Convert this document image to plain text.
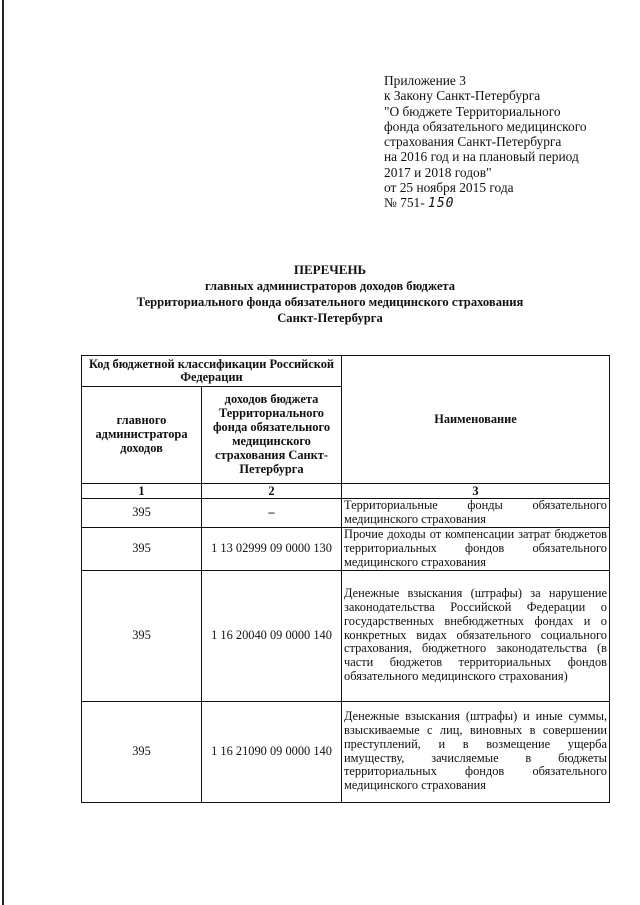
Приложение 3
к Закону Санкт-Петербурга
"О бюджете Территориального
фонда обязательного медицинского
страхования Санкт-Петербурга
на 2016 год и на плановый период
2017 и 2018 годов"
от 25 ноября 2015 года
№ 751- 150
ПЕРЕЧЕНЬ
главных администраторов доходов бюджета
Территориального фонда обязательного медицинского страхования
Санкт-Петербурга
Код бюджетной классификации Российской Федерации		Наименование
главного администратора доходов	доходов бюджета Территориального фонда обязательного медицинского страхования Санкт-Петербурга	
1	2	3
395	–	Территориальные фонды обязательного медицинского страхования
395	1 13 02999 09 0000 130	Прочие доходы от компенсации затрат бюджетов территориальных фондов обязательного медицинского страхования
395	1 16 20040 09 0000 140	Денежные взыскания (штрафы) за нарушение законодательства Российской Федерации о государственных внебюджетных фондах и о конкретных видах обязательного социального страхования, бюджетного законодательства (в части бюджетов территориальных фондов обязательного медицинского страхования)
395	1 16 21090 09 0000 140	Денежные взыскания (штрафы) и иные суммы, взыскиваемые с лиц, виновных в совершении преступлений, и в возмещение ущерба имуществу, зачисляемые в бюджеты территориальных фондов обязательного медицинского страхования
